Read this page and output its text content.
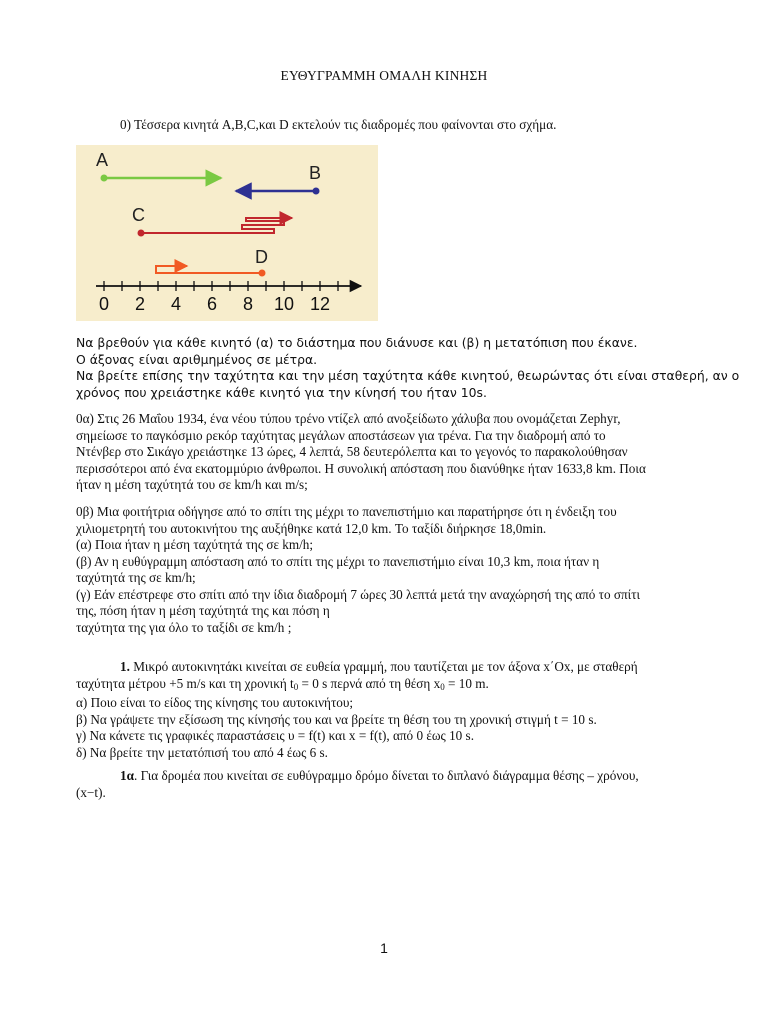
ΕΥΘΥΓΡΑΜΜΗ ΟΜΑΛΗ ΚΙΝΗΣΗ

0) Τέσσερα κινητά A,B,C,και D εκτελούν τις διαδρομές που φαίνονται στο σχήμα.

A
B
C
D
0 2 4 6 8 10 12

Να βρεθούν για κάθε κινητό (α) το διάστημα που διάνυσε και (β) η μετατόπιση που έκανε.
Ο άξονας είναι αριθμημένος σε μέτρα.
Να βρείτε επίσης την ταχύτητα και την μέση ταχύτητα κάθε κινητού, θεωρώντας ότι είναι σταθερή, αν ο
χρόνος που χρειάστηκε κάθε κινητό για την κίνησή του ήταν 10s.

0α) Στις 26 Μαΐου 1934, ένα νέου τύπου τρένο ντίζελ από ανοξείδωτο χάλυβα που ονομάζεται Zephyr,
σημείωσε το παγκόσμιο ρεκόρ ταχύτητας μεγάλων αποστάσεων για τρένα. Για την διαδρομή από το
Ντένβερ στο Σικάγο χρειάστηκε 13 ώρες, 4 λεπτά, 58 δευτερόλεπτα και το γεγονός το παρακολούθησαν
περισσότεροι από ένα εκατομμύριο άνθρωποι. Η συνολική απόσταση που διανύθηκε ήταν 1633,8 km. Ποια
ήταν η μέση ταχύτητά του σε km/h και m/s;

0β) Μια φοιτήτρια οδήγησε από το σπίτι της μέχρι το πανεπιστήμιο και παρατήρησε ότι η ένδειξη του
χιλιομετρητή του αυτοκινήτου της αυξήθηκε κατά 12,0 km. Το ταξίδι διήρκησε 18,0min.
(α) Ποια ήταν η μέση ταχύτητά της σε km/h;
(β) Αν η ευθύγραμμη απόσταση από το σπίτι της μέχρι το πανεπιστήμιο είναι 10,3 km, ποια ήταν η
ταχύτητά της σε km/h;
(γ) Εάν επέστρεφε στο σπίτι από την ίδια διαδρομή 7 ώρες 30 λεπτά μετά την αναχώρησή της από το σπίτι
της, πόση ήταν η μέση ταχύτητά της και πόση η
ταχύτητα της για όλο το ταξίδι σε km/h ;

1. Μικρό αυτοκινητάκι κινείται σε ευθεία γραμμή, που ταυτίζεται με τον άξονα x΄Ox, με σταθερή
ταχύτητα μέτρου +5 m/s και τη χρονική $t_0 = 0$ s περνά από τη θέση $x_0 = 10$ m.
α) Ποιο είναι το είδος της κίνησης του αυτοκινήτου;
β) Να γράψετε την εξίσωση της κίνησής του και να βρείτε τη θέση του τη χρονική στιγμή t = 10 s.
γ) Να κάνετε τις γραφικές παραστάσεις υ = f(t) και x = f(t), από 0 έως 10 s.
δ) Να βρείτε την μετατόπισή του από 4 έως 6 s.

1α. Για δρομέα που κινείται σε ευθύγραμμο δρόμο δίνεται το διπλανό διάγραμμα θέσης – χρόνου,
(x−t).

1
